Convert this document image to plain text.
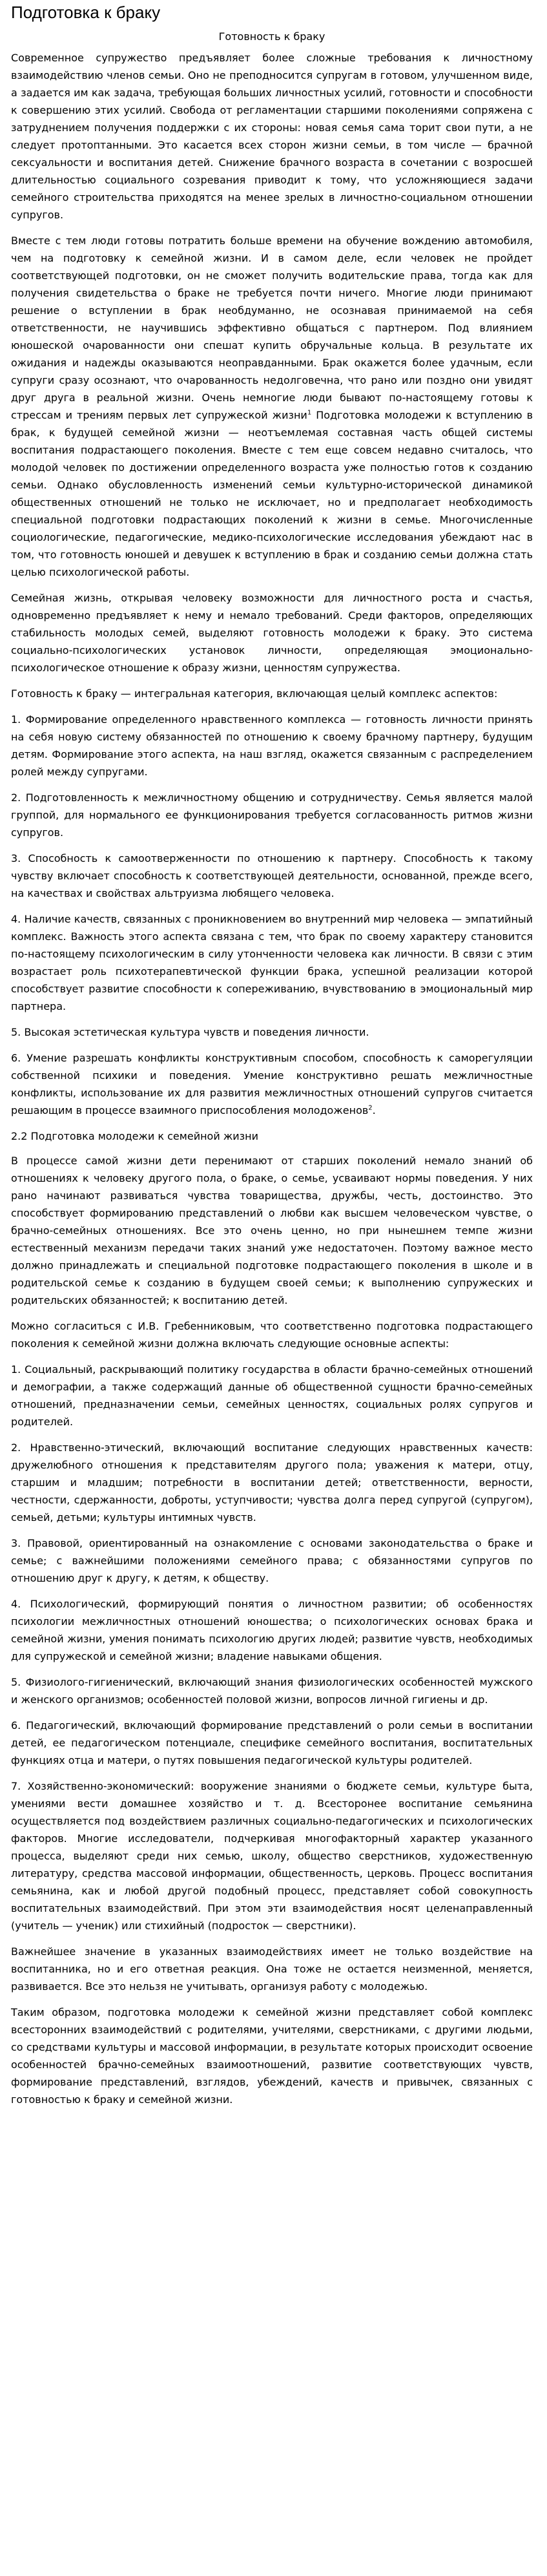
Подготовка к браку
Готовность к браку

Современное супружество предъявляет более сложные требования к личностному взаимодействию членов семьи. Оно не преподносится супругам в готовом, улучшенном виде, а задается им как задача, требующая больших личностных усилий, готовности и способности к совершению этих усилий. Свобода от регламентации старшими поколениями сопряжена с затруднением получения поддержки с их стороны: новая семья сама торит свои пути, а не следует протоптанными. Это касается всех сторон жизни семьи, в том числе — брачной сексуальности и воспитания детей. Снижение брачного возраста в сочетании с возросшей длительностью социального созревания приводит к тому, что усложняющиеся задачи семейного строительства приходятся на менее зрелых в личностно-социальном отношении супругов.

Вместе с тем люди готовы потратить больше времени на обучение вождению автомобиля, чем на подготовку к семейной жизни. И в самом деле, если человек не пройдет соответствующей подготовки, он не сможет получить водительские права, тогда как для получения свидетельства о браке не требуется почти ничего. Многие люди принимают решение о вступлении в брак необдуманно, не осознавая принимаемой на себя ответственности, не научившись эффективно общаться с партнером. Под влиянием юношеской очарованности они спешат купить обручальные кольца. В результате их ожидания и надежды оказываются неоправданными. Брак окажется более удачным, если супруги сразу осознают, что очарованность недолговечна, что рано или поздно они увидят друг друга в реальной жизни. Очень немногие люди бывают по-настоящему готовы к стрессам и трениям первых лет супружеской жизни$^1$ Подготовка молодежи к вступлению в брак, к будущей семейной жизни — неотъемлемая составная часть общей системы воспитания подрастающего поколения. Вместе с тем еще совсем недавно считалось, что молодой человек по достижении определенного возраста уже полностью готов к созданию семьи. Однако обусловленность изменений семьи культурно-исторической динамикой общественных отношений не только не исключает, но и предполагает необходимость специальной подготовки подрастающих поколений к жизни в семье. Многочисленные социологические, педагогические, медико-психологические исследования убеждают нас в том, что готовность юношей и девушек к вступлению в брак и созданию семьи должна стать целью психологической работы.

Семейная жизнь, открывая человеку возможности для личностного роста и счастья, одновременно предъявляет к нему и немало требований. Среди факторов, определяющих стабильность молодых семей, выделяют готовность молодежи к браку. Это система социально-психологических установок личности, определяющая эмоционально-психологическое отношение к образу жизни, ценностям супружества.

Готовность к браку — интегральная категория, включающая целый комплекс аспектов:

1. Формирование определенного нравственного комплекса — готовность личности принять на себя новую систему обязанностей по отношению к своему брачному партнеру, будущим детям. Формирование этого аспекта, на наш взгляд, окажется связанным с распределением ролей между супругами.

2. Подготовленность к межличностному общению и сотрудничеству. Семья является малой группой, для нормального ее функционирования требуется согласованность ритмов жизни супругов.

3. Способность к самоотверженности по отношению к партнеру. Способность к такому чувству включает способность к соответствующей деятельности, основанной, прежде всего, на качествах и свойствах альтруизма любящего человека.

4. Наличие качеств, связанных с проникновением во внутренний мир человека — эмпатийный комплекс. Важность этого аспекта связана с тем, что брак по своему характеру становится по-настоящему психологическим в силу утонченности человека как личности. В связи с этим возрастает роль психотерапевтической функции брака, успешной реализации которой способствует развитие способности к сопереживанию, вчувствованию в эмоциональный мир партнера.

5. Высокая эстетическая культура чувств и поведения личности.

6. Умение разрешать конфликты конструктивным способом, способность к саморегуляции собственной психики и поведения. Умение конструктивно решать межличностные конфликты, использование их для развития межличностных отношений супругов считается решающим в процессе взаимного приспособления молодоженов$^2$.

2.2 Подготовка молодежи к семейной жизни

В процессе самой жизни дети перенимают от старших поколений немало знаний об отношениях к человеку другого пола, о браке, о семье, усваивают нормы поведения. У них рано начинают развиваться чувства товарищества, дружбы, честь, достоинство. Это способствует формированию представлений о любви как высшем человеческом чувстве, о брачно-семейных отношениях. Все это очень ценно, но при нынешнем темпе жизни естественный механизм передачи таких знаний уже недостаточен. Поэтому важное место должно принадлежать и специальной подготовке подрастающего поколения в школе и в родительской семье к созданию в будущем своей семьи; к выполнению супружеских и родительских обязанностей; к воспитанию детей.

Можно согласиться с И.В. Гребенниковым, что соответственно подготовка подрастающего поколения к семейной жизни должна включать следующие основные аспекты:

1. Социальный, раскрывающий политику государства в области брачно-семейных отношений и демографии, а также содержащий данные об общественной сущности брачно-семейных отношений, предназначении семьи, семейных ценностях, социальных ролях супругов и родителей.

2. Нравственно-этический, включающий воспитание следующих нравственных качеств: дружелюбного отношения к представителям другого пола; уважения к матери, отцу, старшим и младшим; потребности в воспитании детей; ответственности, верности, честности, сдержанности, доброты, уступчивости; чувства долга перед супругой (супругом), семьей, детьми; культуры интимных чувств.

3. Правовой, ориентированный на ознакомление с основами законодательства о браке и семье; с важнейшими положениями семейного права; с обязанностями супругов по отношению друг к другу, к детям, к обществу.

4. Психологический, формирующий понятия о личностном развитии; об особенностях психологии межличностных отношений юношества; о психологических основах брака и семейной жизни, умения понимать психологию других людей; развитие чувств, необходимых для супружеской и семейной жизни; владение навыками общения.

5. Физиолого-гигиенический, включающий знания физиологических особенностей мужского и женского организмов; особенностей половой жизни, вопросов личной гигиены и др.

6. Педагогический, включающий формирование представлений о роли семьи в воспитании детей, ее педагогическом потенциале, специфике семейного воспитания, воспитательных функциях отца и матери, о путях повышения педагогической культуры родителей.

7. Хозяйственно-экономический: вооружение знаниями о бюджете семьи, культуре быта, умениями вести домашнее хозяйство и т. д. Всесторонее воспитание семьянина осуществляется под воздействием различных социально-педагогических и психологических факторов. Многие исследователи, подчеркивая многофакторный характер указанного процесса, выделяют среди них семью, школу, общество сверстников, художественную литературу, средства массовой информации, общественность, церковь. Процесс воспитания семьянина, как и любой другой подобный процесс, представляет собой совокупность воспитательных взаимодействий. При этом эти взаимодействия носят целенаправленный (учитель — ученик) или стихийный (подросток — сверстники).

Важнейшее значение в указанных взаимодействиях имеет не только воздействие на воспитанника, но и его ответная реакция. Она тоже не остается неизменной, меняется, развивается. Все это нельзя не учитывать, организуя работу с молодежью.

Таким образом, подготовка молодежи к семейной жизни представляет собой комплекс всесторонних взаимодействий с родителями, учителями, сверстниками, с другими людьми, со средствами культуры и массовой информации, в результате которых происходит освоение особенностей брачно-семейных взаимоотношений, развитие соответствующих чувств, формирование представлений, взглядов, убеждений, качеств и привычек, связанных с готовностью к браку и семейной жизни.
